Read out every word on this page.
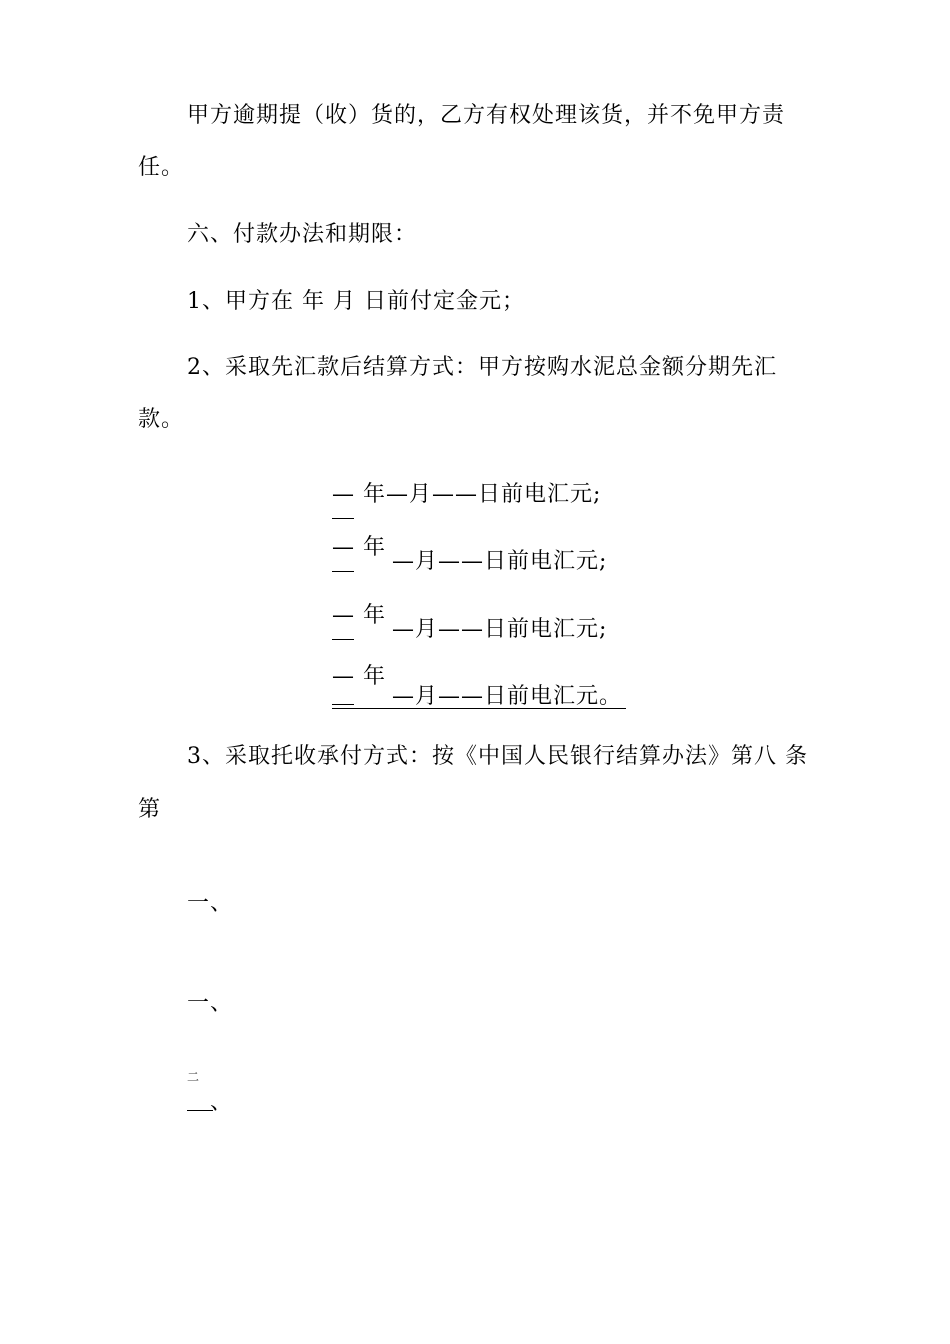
甲方逾期提（收）货的，乙方有权处理该货，并不免甲方责
任。
六、付款办法和期限：
1、甲方在 年 月 日前付定金元；
2、采取先汇款后结算方式：甲方按购水泥总金额分期先汇
款。
— 年—月——日前电汇元;
— 年
—月——日前电汇元;
— 年
—月——日前电汇元;
— 年
—月——日前电汇元。
3、采取托收承付方式：按《中国人民银行结算办法》第八 条
第
一、
一、
二
、
